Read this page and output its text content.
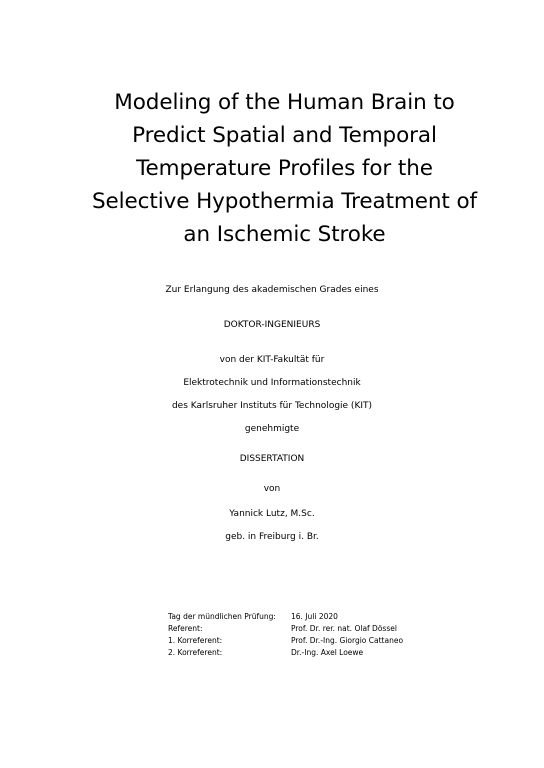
Modeling of the Human Brain to
Predict Spatial and Temporal
Temperature Profiles for the
Selective Hypothermia Treatment of
an Ischemic Stroke
Zur Erlangung des akademischen Grades eines
DOKTOR-INGENIEURS
von der KIT-Fakultät für
Elektrotechnik und Informationstechnik
des Karlsruher Instituts für Technologie (KIT)
genehmigte
DISSERTATION
von
Yannick Lutz, M.Sc.
geb. in Freiburg i. Br.
Tag der mündlichen Prüfung: 16. Juli 2020
Referent:	Prof. Dr. rer. nat. Olaf Dössel
1. Korreferent:	Prof. Dr.-Ing. Giorgio Cattaneo
2. Korreferent:	Dr.-Ing. Axel Loewe
